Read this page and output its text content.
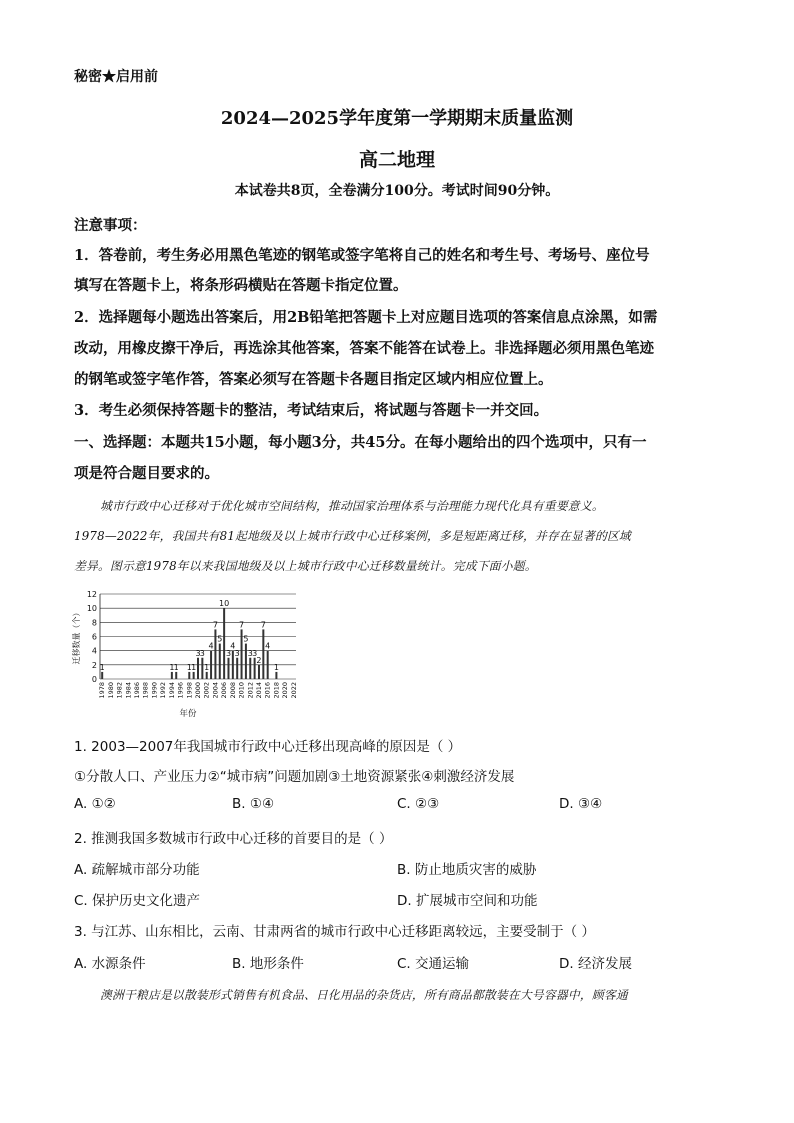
秘密★启用前
2024—2025学年度第一学期期末质量监测
高二地理
本试卷共8页，全卷满分100分。考试时间90分钟。
注意事项：
1．答卷前，考生务必用黑色笔迹的钢笔或签字笔将自己的姓名和考生号、考场号、座位号
填写在答题卡上，将条形码横贴在答题卡指定位置。
2．选择题每小题选出答案后，用2B铅笔把答题卡上对应题目选项的答案信息点涂黑，如需
改动，用橡皮擦干净后，再选涂其他答案，答案不能答在试卷上。非选择题必须用黑色笔迹
的钢笔或签字笔作答，答案必须写在答题卡各题目指定区域内相应位置上。
3．考生必须保持答题卡的整洁，考试结束后，将试题与答题卡一并交回。
一、选择题：本题共15小题，每小题3分，共45分。在每小题给出的四个选项中，只有一
项是符合题目要求的。
城市行政中心迁移对于优化城市空间结构，推动国家治理体系与治理能力现代化具有重要意义。
1978—2022年，我国共有81起地级及以上城市行政中心迁移案例，多是短距离迁移，并存在显著的区域
差异。图示意1978年以来我国地级及以上城市行政中心迁移数量统计。完成下面小题。
0
2
4
6
8
10
12
1	1 1 1 1
3 3
1
4
7
5
10
3
4
3
7
5
3 3
2
7
4
1
1978 1980 1982 1984 1986 1988 1990 1992 1994 1996 1998 2000 2002 2004 2006 2008 2010 2012 2014 2016 2018 2020 2022
迁移数量（个）
年份
1. 2003—2007年我国城市行政中心迁移出现高峰的原因是（ ）
①分散人口、产业压力②“城市病”问题加剧③土地资源紧张④刺激经济发展
A. ①②	B. ①④	C. ②③	D. ③④
2. 推测我国多数城市行政中心迁移的首要目的是（ ）
A. 疏解城市部分功能	B. 防止地质灾害的威胁
C. 保护历史文化遗产	D. 扩展城市空间和功能
3. 与江苏、山东相比，云南、甘肃两省的城市行政中心迁移距离较远，主要受制于（ ）
A. 水源条件	B. 地形条件	C. 交通运输	D. 经济发展
澳洲干粮店是以散装形式销售有机食品、日化用品的杂货店，所有商品都散装在大号容器中，顾客通
